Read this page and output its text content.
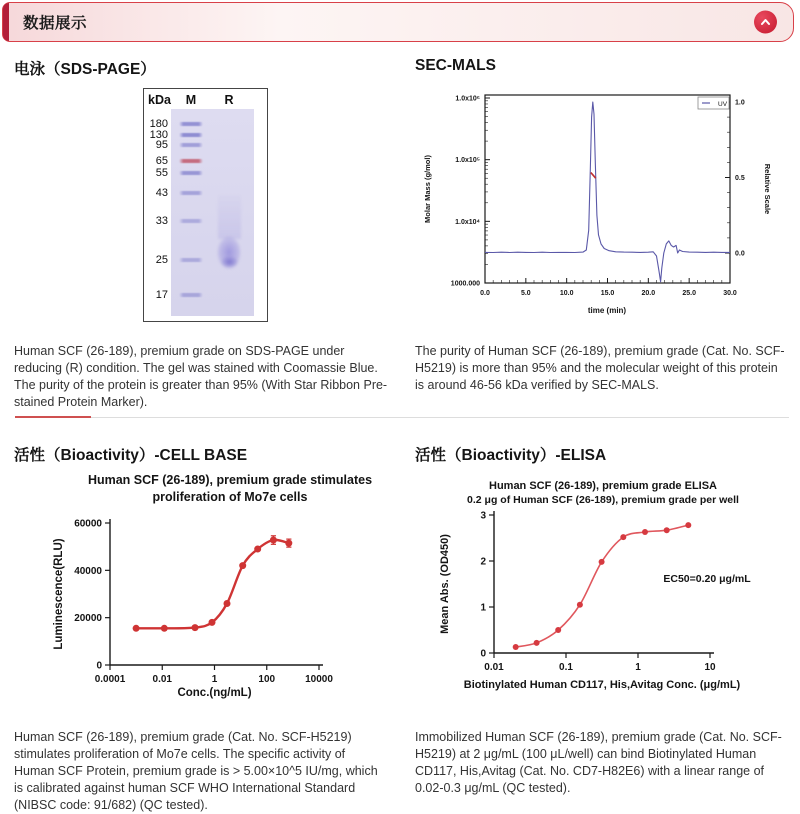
数据展示
电泳（SDS-PAGE）
kDa	M	R
180
130
95
65
55
43
33
25
17

Human SCF (26-189), premium grade on SDS-PAGE under reducing (R) condition. The gel was stained with Coomassie Blue. The purity of the protein is greater than 95% (With Star Ribbon Pre-stained Protein Marker).

SEC-MALS
1.0x10⁶
1.0x10⁵
1.0x10⁴
1000.000
1.0
0.5
0.0
0.0	5.0	10.0	15.0	20.0	25.0	30.0
Molar Mass (g/mol)	Relative Scale
time (min)
UV

The purity of Human SCF (26-189), premium grade (Cat. No. SCF-H5219) is more than 95% and the molecular weight of this protein is around 46-56 kDa verified by SEC-MALS.

活性（Bioactivity）-CELL BASE
Human SCF (26-189), premium grade stimulates
proliferation of Mo7e cells
0
20000
40000
60000
0.0001	0.01	1	100	10000
Luminescence(RLU)
Conc.(ng/mL)

Human SCF (26-189), premium grade (Cat. No. SCF-H5219) stimulates proliferation of Mo7e cells. The specific activity of Human SCF Protein, premium grade is > 5.00×10^5 IU/mg, which is calibrated against human SCF WHO International Standard (NIBSC code: 91/682) (QC tested).

活性（Bioactivity）-ELISA
Human SCF (26-189), premium grade ELISA
0.2 μg of Human SCF (26-189), premium grade per well
0
1
2
3
0.01	0.1	1	10
Mean Abs. (OD450)
Biotinylated Human CD117, His,Avitag Conc. (μg/mL)
EC50=0.20 μg/mL

Immobilized Human SCF (26-189), premium grade (Cat. No. SCF-H5219) at 2 μg/mL (100 μL/well) can bind Biotinylated Human CD117, His,Avitag (Cat. No. CD7-H82E6) with a linear range of 0.02-0.3 μg/mL (QC tested).
